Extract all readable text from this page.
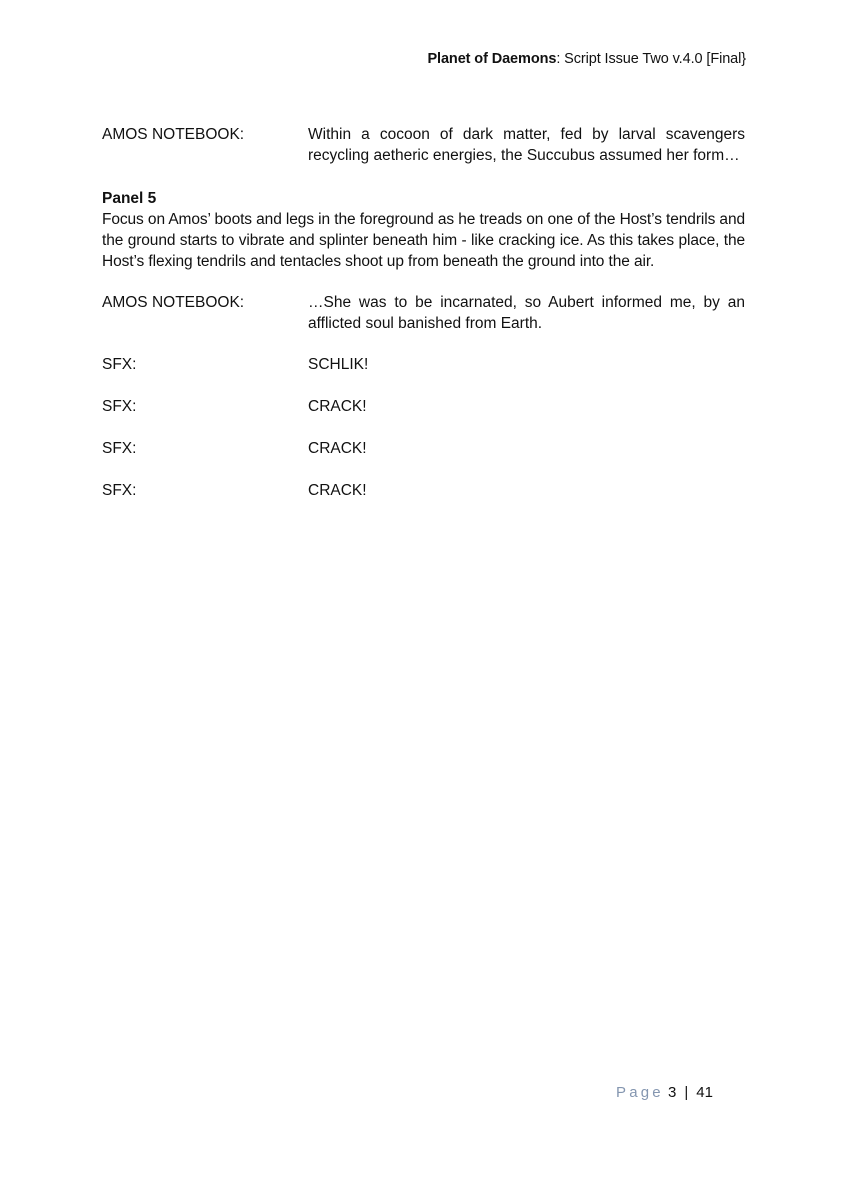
Planet of Daemons: Script Issue Two v.4.0 [Final}
AMOS NOTEBOOK:	Within a cocoon of dark matter, fed by larval scavengers recycling aetheric energies, the Succubus assumed her form…
Panel 5
Focus on Amos’ boots and legs in the foreground as he treads on one of the Host’s tendrils and the ground starts to vibrate and splinter beneath him - like cracking ice. As this takes place, the Host’s flexing tendrils and tentacles shoot up from beneath the ground into the air.
AMOS NOTEBOOK:	…She was to be incarnated, so Aubert informed me, by an afflicted soul banished from Earth.
SFX:	SCHLIK!
SFX:	CRACK!
SFX:	CRACK!
SFX:	CRACK!
Page 3 | 41
